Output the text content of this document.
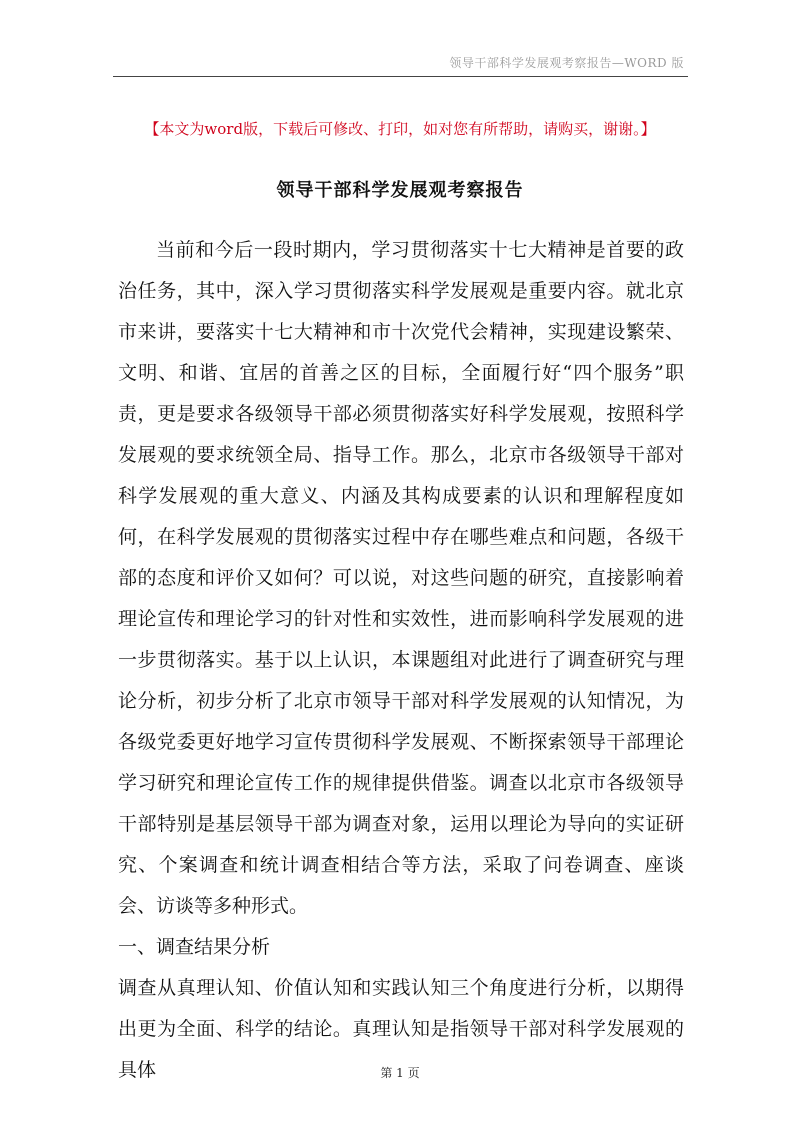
领导干部科学发展观考察报告—WORD 版
【本文为word版，下载后可修改、打印，如对您有所帮助，请购买，谢谢。】
领导干部科学发展观考察报告

当前和今后一段时期内，学习贯彻落实十七大精神是首要的政治任务，其中，深入学习贯彻落实科学发展观是重要内容。就北京市来讲，要落实十七大精神和市十次党代会精神，实现建设繁荣、文明、和谐、宜居的首善之区的目标，全面履行好“四个服务”职责，更是要求各级领导干部必须贯彻落实好科学发展观，按照科学发展观的要求统领全局、指导工作。那么，北京市各级领导干部对科学发展观的重大意义、内涵及其构成要素的认识和理解程度如何，在科学发展观的贯彻落实过程中存在哪些难点和问题，各级干部的态度和评价又如何？可以说，对这些问题的研究，直接影响着理论宣传和理论学习的针对性和实效性，进而影响科学发展观的进一步贯彻落实。基于以上认识，本课题组对此进行了调查研究与理论分析，初步分析了北京市领导干部对科学发展观的认知情况，为各级党委更好地学习宣传贯彻科学发展观、不断探索领导干部理论学习研究和理论宣传工作的规律提供借鉴。调查以北京市各级领导干部特别是基层领导干部为调查对象，运用以理论为导向的实证研究、个案调查和统计调查相结合等方法，采取了问卷调查、座谈会、访谈等多种形式。

一、调查结果分析

调查从真理认知、价值认知和实践认知三个角度进行分析，以期得出更为全面、科学的结论。真理认知是指领导干部对科学发展观的具体	第 1 页
